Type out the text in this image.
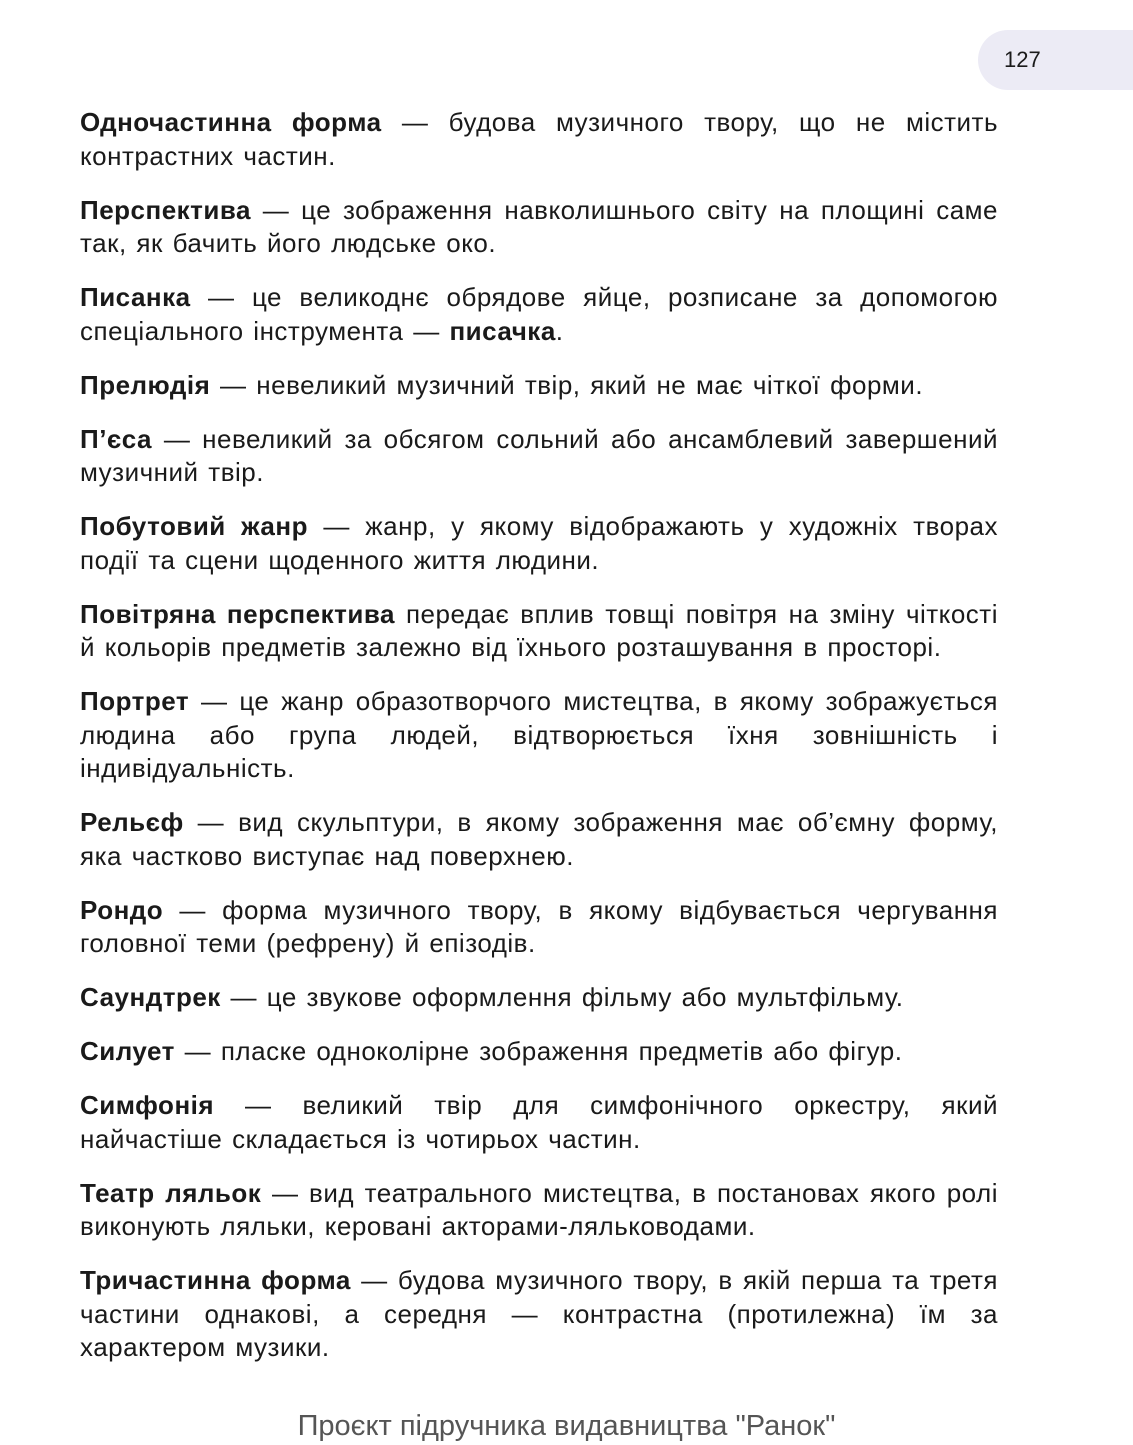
127

Одночастинна форма — будова музичного твору, що не містить контрастних частин.

Перспектива — це зображення навколишнього світу на площині саме так, як бачить його людське око.

Писанка — це великоднє обрядове яйце, розписане за допомогою спеціального інструмента — писачка.

Прелюдія — невеликий музичний твір, який не має чіткої форми.

П’єса — невеликий за обсягом сольний або ансамблевий завершений музичний твір.

Побутовий жанр — жанр, у якому відображають у художніх творах події та сцени щоденного життя людини.

Повітряна перспектива передає вплив товщі повітря на зміну чіткості й кольорів предметів залежно від їхнього розташування в просторі.

Портрет — це жанр образотворчого мистецтва, в якому зображується людина або група людей, відтворюється їхня зовнішність і індивідуальність.

Рельєф — вид скульптури, в якому зображення має об’ємну форму, яка частково виступає над поверхнею.

Рондо — форма музичного твору, в якому відбувається чергування головної теми (рефрену) й епізодів.

Саундтрек — це звукове оформлення фільму або мультфільму.

Силует — пласке одноколірне зображення предметів або фігур.

Симфонія — великий твір для симфонічного оркестру, який найчастіше складається із чотирьох частин.

Театр ляльок — вид театрального мистецтва, в постановах якого ролі виконують ляльки, керовані акторами-ляльководами.

Тричастинна форма — будова музичного твору, в якій перша та третя частини однакові, а середня — контрастна (протилежна) їм за характером музики.

Проєкт підручника видавництва "Ранок"
